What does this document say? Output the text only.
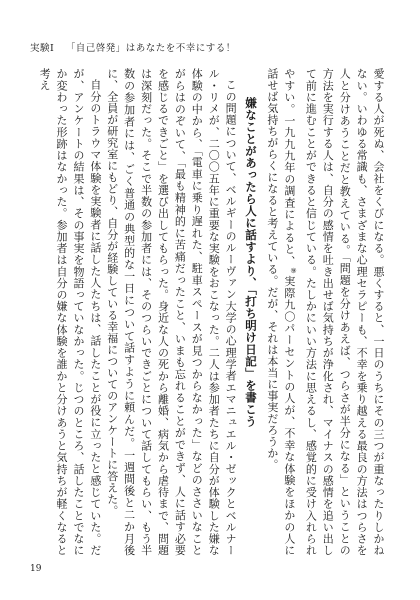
実験Ⅰ 「自己啓発」はあなたを不幸にする！

愛する人が死ぬ、会社をくびになる。悪くすると、一日のうちにその三つが重なったりしかねない。いわゆる常識も、さまざまな心理セラピーも、不幸を乗り越える最良の方法はつらさを人と分けあうことだと教えている。「問題を分けあえば、つらさが半分になる」ということの方法を実行する人は、自分の感情を吐き出せば気持ちが浄化され、マイナスの感情を追い出して前に進むことができると信じている。たしかにいい方法に思えるし、感覚的に受け入れられやすい。一九九九年の調査によると、⑨実際九〇パーセントの人が、不幸な体験をほかの人に話せば気持ちがらくになると考えている。だが、それは本当に事実だろうか。

嫌なことがあったら人に話すより、「打ち明け日記」を書こう

この問題について、ベルギーのルーヴァン大学の心理学者エマニュエル・ゼックとベルナール・リメが、二〇〇五年に重要な実験をおこなった。二人は参加者たちに自分が体験した嫌な体験の中から、「電車に乗り遅れた、駐車スペースが見つからなかった」などのささいなことがらはのぞいて、「最も精神的に苦痛だったこと、いまも忘れることができず、人に話す必要を感じるできごと」を選び出してもらった。身近な人の死から離婚、病気から虐待まで、問題は深刻だった。そこで半数の参加者には、そのつらいできごとについて話してもらい、もう半数の参加者には、ごく普通の典型的な一日について話すように頼んだ。一週間後と二か月後に、全員が研究室にもどり、自分が経験している幸福についてのアンケートに答えた。

自分のトラウマ体験を実験者に話した人たちは、話したことが役に立ったと感じていた。だが、アンケートの結果は、その事実を物語っていなかった。じつのところ、話したことでなにか変わった形跡はなかった。参加者は自分の嫌な体験を誰かと分けあうと気持ちが軽くなると考え

19
